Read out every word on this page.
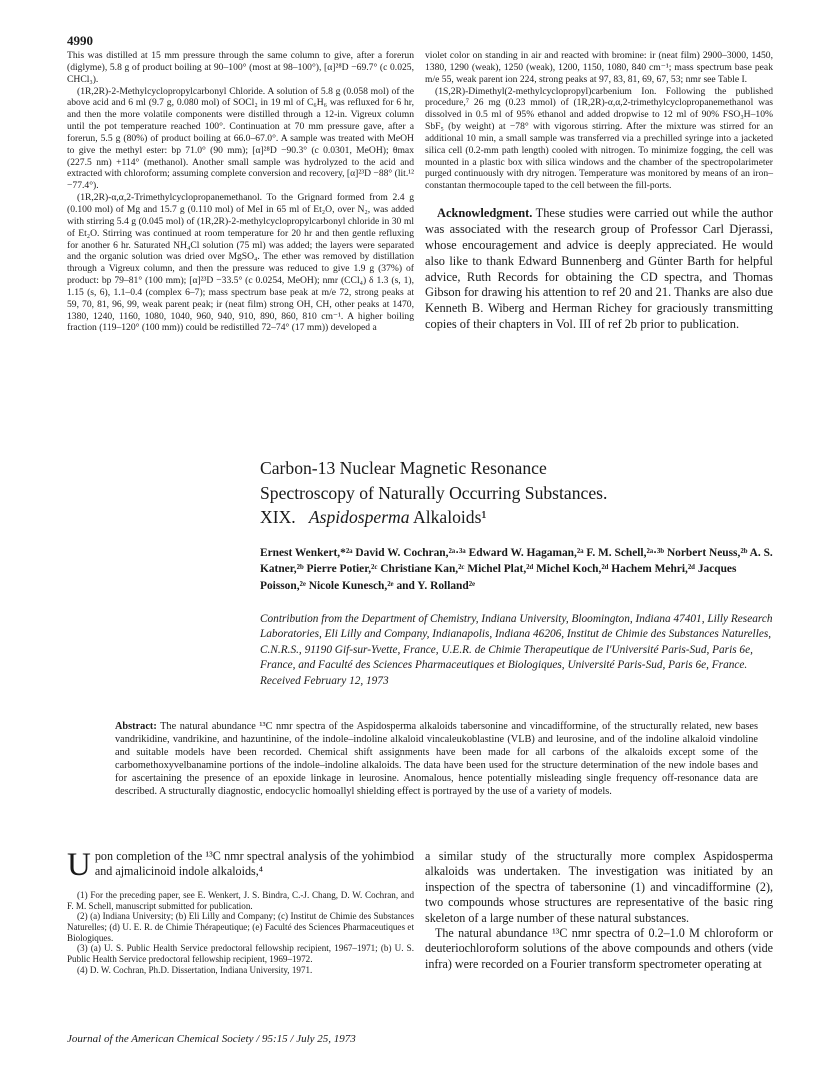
4990

This was distilled at 15 mm pressure through the same column to give, after a forerun (diglyme), 5.8 g of product boiling at 90–100° (most at 98–100°), [α]²⁸D −69.7° (c 0.025, CHCl₃).

(1R,2R)-2-Methylcyclopropylcarbonyl Chloride. A solution of 5.8 g (0.058 mol) of the above acid and 6 ml (9.7 g, 0.080 mol) of SOCl₂ in 19 ml of C₆H₆ was refluxed for 6 hr, and then the more volatile components were distilled through a 12-in. Vigreux column until the pot temperature reached 100°. Continuation at 70 mm pressure gave, after a forerun, 5.5 g (80%) of product boiling at 66.0–67.0°. A sample was treated with MeOH to give the methyl ester: bp 71.0° (90 mm); [α]²⁸D −90.3° (c 0.0301, MeOH); θmax (227.5 nm) +114° (methanol). Another small sample was hydrolyzed to the acid and extracted with chloroform; assuming complete conversion and recovery, [α]²³D −88° (lit.¹² −77.4°).

(1R,2R)-α,α,2-Trimethylcyclopropanemethanol. To the Grignard formed from 2.4 g (0.100 mol) of Mg and 15.7 g (0.110 mol) of MeI in 65 ml of Et₂O, over N₂, was added with stirring 5.4 g (0.045 mol) of (1R,2R)-2-methylcyclopropylcarbonyl chloride in 30 ml of Et₂O. Stirring was continued at room temperature for 20 hr and then gentle refluxing for another 6 hr. Saturated NH₄Cl solution (75 ml) was added; the layers were separated and the organic solution was dried over MgSO₄. The ether was removed by distillation through a Vigreux column, and then the pressure was reduced to give 1.9 g (37%) of product: bp 79–81° (100 mm); [α]²³D −33.5° (c 0.0254, MeOH); nmr (CCl₄) δ 1.3 (s, 1), 1.15 (s, 6), 1.1–0.4 (complex 6–7); mass spectrum base peak at m/e 72, strong peaks at 59, 70, 81, 96, 99, weak parent peak; ir (neat film) strong OH, CH, other peaks at 1470, 1380, 1240, 1160, 1080, 1040, 960, 940, 910, 890, 860, 810 cm⁻¹. A higher boiling fraction (119–120° (100 mm)) could be redistilled 72–74° (17 mm)) developed a

violet color on standing in air and reacted with bromine: ir (neat film) 2900–3000, 1450, 1380, 1290 (weak), 1250 (weak), 1200, 1150, 1080, 840 cm⁻¹; mass spectrum base peak m/e 55, weak parent ion 224, strong peaks at 97, 83, 81, 69, 67, 53; nmr see Table I.

(1S,2R)-Dimethyl(2-methylcyclopropyl)carbenium Ion. Following the published procedure,⁷ 26 mg (0.23 mmol) of (1R,2R)-α,α,2-trimethylcyclopropanemethanol was dissolved in 0.5 ml of 95% ethanol and added dropwise to 12 ml of 90% FSO₃H–10% SbF₅ (by weight) at −78° with vigorous stirring. After the mixture was stirred for an additional 10 min, a small sample was transferred via a prechilled syringe into a jacketed silica cell (0.2-mm path length) cooled with nitrogen. To minimize fogging, the cell was mounted in a plastic box with silica windows and the chamber of the spectropolarimeter purged continuously with dry nitrogen. Temperature was monitored by means of an iron–constantan thermocouple taped to the cell between the fill-ports.

Acknowledgment. These studies were carried out while the author was associated with the research group of Professor Carl Djerassi, whose encouragement and advice is deeply appreciated. He would also like to thank Edward Bunnenberg and Günter Barth for helpful advice, Ruth Records for obtaining the CD spectra, and Thomas Gibson for drawing his attention to ref 20 and 21. Thanks are also due Kenneth B. Wiberg and Herman Richey for graciously transmitting copies of their chapters in Vol. III of ref 2b prior to publication.

Carbon-13 Nuclear Magnetic Resonance
Spectroscopy of Naturally Occurring Substances.
XIX. Aspidosperma Alkaloids¹
Ernest Wenkert,*²ᵃ David W. Cochran,²ᵃ·³ᵃ Edward W. Hagaman,²ᵃ F. M. Schell,²ᵃ·³ᵇ Norbert Neuss,²ᵇ A. S. Katner,²ᵇ Pierre Potier,²ᶜ Christiane Kan,²ᶜ Michel Plat,²ᵈ Michel Koch,²ᵈ Hachem Mehri,²ᵈ Jacques Poisson,²ᵉ Nicole Kunesch,²ᵉ and Y. Rolland²ᵉ
Contribution from the Department of Chemistry, Indiana University, Bloomington, Indiana 47401, Lilly Research Laboratories, Eli Lilly and Company, Indianapolis, Indiana 46206, Institut de Chimie des Substances Naturelles, C.N.R.S., 91190 Gif-sur-Yvette, France, U.E.R. de Chimie Therapeutique de l'Université Paris-Sud, Paris 6e, France, and Faculté des Sciences Pharmaceutiques et Biologiques, Université Paris-Sud, Paris 6e, France.   Received February 12, 1973

Abstract: The natural abundance ¹³C nmr spectra of the Aspidosperma alkaloids tabersonine and vincadifformine, of the structurally related, new bases vandrikidine, vandrikine, and hazuntinine, of the indole–indoline alkaloid vincaleukoblastine (VLB) and leurosine, and of the indoline alkaloid vindoline and suitable models have been recorded. Chemical shift assignments have been made for all carbons of the alkaloids except some of the carbomethoxyvelbanamine portions of the indole–indoline alkaloids. The data have been used for the structure determination of the new indole bases and for ascertaining the presence of an epoxide linkage in leurosine. Anomalous, hence potentially misleading single frequency off-resonance data are described. A structurally diagnostic, endocyclic homoallyl shielding effect is portrayed by the use of a variety of models.

Upon completion of the ¹³C nmr spectral analysis of the yohimbiod and ajmalicinoid indole alkaloids,⁴

(1) For the preceding paper, see E. Wenkert, J. S. Bindra, C.-J. Chang, D. W. Cochran, and F. M. Schell, manuscript submitted for publication.

(2) (a) Indiana University; (b) Eli Lilly and Company; (c) Institut de Chimie des Substances Naturelles; (d) U. E. R. de Chimie Thérapeutique; (e) Faculté des Sciences Pharmaceutiques et Biologiques.

(3) (a) U. S. Public Health Service predoctoral fellowship recipient, 1967–1971; (b) U. S. Public Health Service predoctoral fellowship recipient, 1969–1972.

(4) D. W. Cochran, Ph.D. Dissertation, Indiana University, 1971.

a similar study of the structurally more complex Aspidosperma alkaloids was undertaken. The investigation was initiated by an inspection of the spectra of tabersonine (1) and vincadifformine (2), two compounds whose structures are representative of the basic ring skeleton of a large number of these natural substances.

The natural abundance ¹³C nmr spectra of 0.2–1.0 M chloroform or deuteriochloroform solutions of the above compounds and others (vide infra) were recorded on a Fourier transform spectrometer operating at

Journal of the American Chemical Society / 95:15 / July 25, 1973
